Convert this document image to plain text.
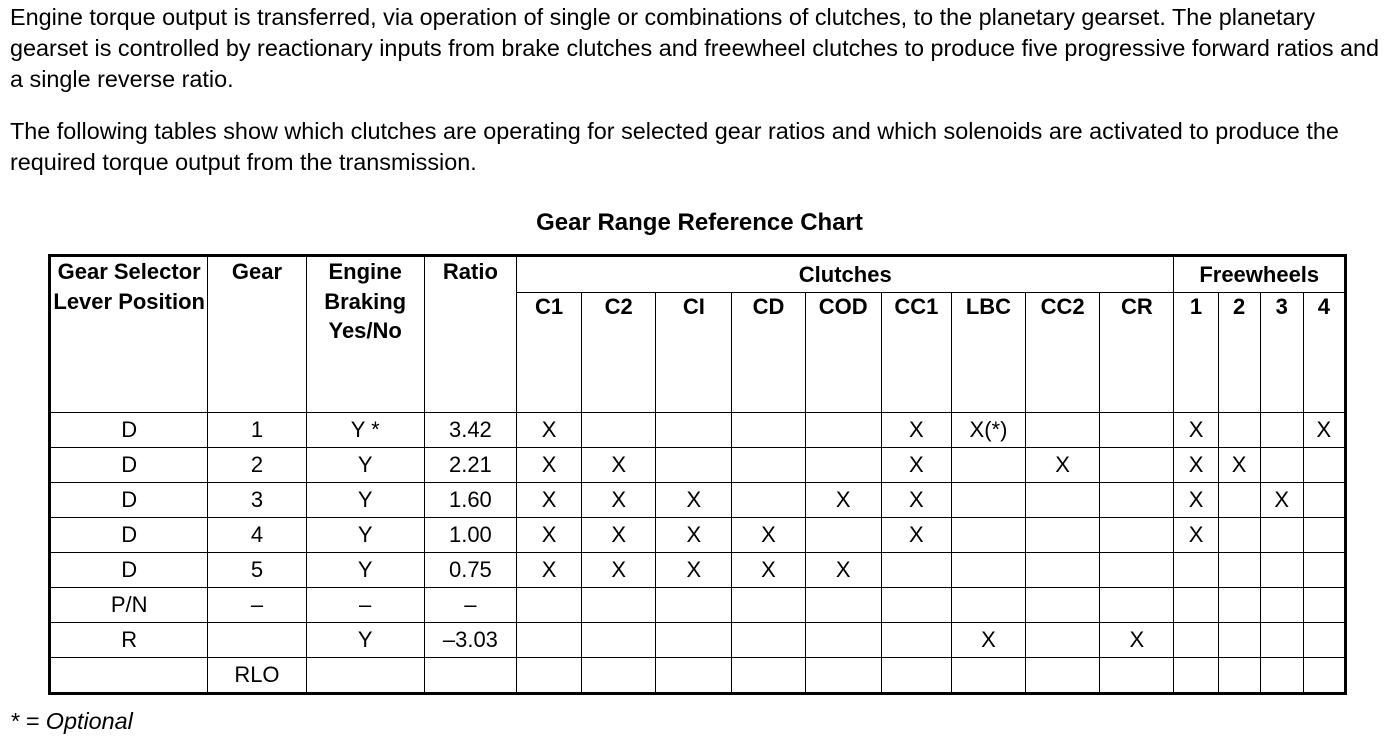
Engine torque output is transferred, via operation of single or combinations of clutches, to the planetary gearset. The planetary gearset is controlled by reactionary inputs from brake clutches and freewheel clutches to produce five progressive forward ratios and a single reverse ratio.

The following tables show which clutches are operating for selected gear ratios and which solenoids are activated to produce the required torque output from the transmission.

Gear Range Reference Chart
Gear Selector Lever Position	Gear	Engine Braking Yes/No	Ratio	Clutches									Freewheels			
				C1	C2	CI	CD	COD	CC1	LBC	CC2	CR	1	2	3	4
D	1	Y *	3.42	X					X	X(*)			X			X
D	2	Y	2.21	X	X				X		X		X	X		
D	3	Y	1.60	X	X	X		X	X				X		X	
D	4	Y	1.00	X	X	X	X		X				X			
D	5	Y	0.75	X	X	X	X	X								
P/N	–	–	–													
R		Y	–3.03							X		X				
	RLO															

* = Optional
